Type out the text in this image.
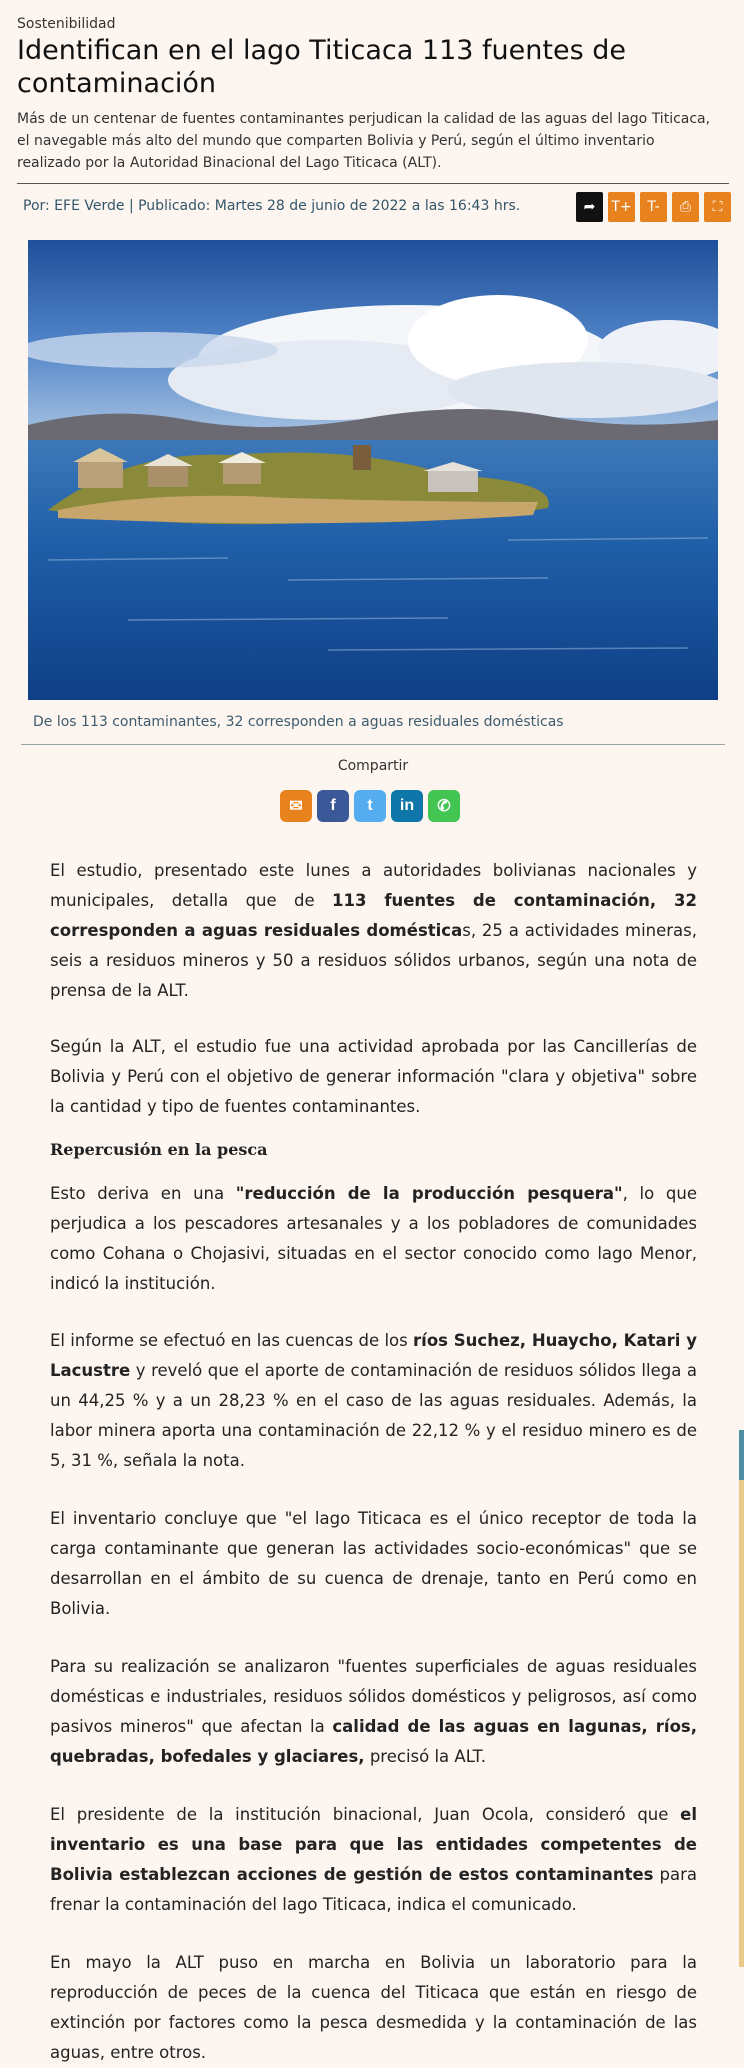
Sostenibilidad
Identifican en el lago Titicaca 113 fuentes de contaminación
Más de un centenar de fuentes contaminantes perjudican la calidad de las aguas del lago Titicaca, el navegable más alto del mundo que comparten Bolivia y Perú, según el último inventario realizado por la Autoridad Binacional del Lago Titicaca (ALT).
Por: EFE Verde | Publicado: Martes 28 de junio de 2022 a las 16:43 hrs.	➦	T+	T-	⎙	⛶
De los 113 contaminantes, 32 corresponden a aguas residuales domésticas
Compartir
✉	f	t	in	✆

El estudio, presentado este lunes a autoridades bolivianas nacionales y municipales, detalla que de 113 fuentes de contaminación, 32 corresponden a aguas residuales domésticas, 25 a actividades mineras, seis a residuos mineros y 50 a residuos sólidos urbanos, según una nota de prensa de la ALT.

Según la ALT, el estudio fue una actividad aprobada por las Cancillerías de Bolivia y Perú con el objetivo de generar información "clara y objetiva" sobre la cantidad y tipo de fuentes contaminantes.

Repercusión en la pesca

Esto deriva en una "reducción de la producción pesquera", lo que perjudica a los pescadores artesanales y a los pobladores de comunidades como Cohana o Chojasivi, situadas en el sector conocido como lago Menor, indicó la institución.

El informe se efectuó en las cuencas de los ríos Suchez, Huaycho, Katari y Lacustre y reveló que el aporte de contaminación de residuos sólidos llega a un 44,25 % y a un 28,23 % en el caso de las aguas residuales. Además, la labor minera aporta una contaminación de 22,12 % y el residuo minero es de 5, 31 %, señala la nota.

El inventario concluye que "el lago Titicaca es el único receptor de toda la carga contaminante que generan las actividades socio-económicas" que se desarrollan en el ámbito de su cuenca de drenaje, tanto en Perú como en Bolivia.

Para su realización se analizaron "fuentes superficiales de aguas residuales domésticas e industriales, residuos sólidos domésticos y peligrosos, así como pasivos mineros" que afectan la calidad de las aguas en lagunas, ríos, quebradas, bofedales y glaciares, precisó la ALT.

El presidente de la institución binacional, Juan Ocola, consideró que el inventario es una base para que las entidades competentes de Bolivia establezcan acciones de gestión de estos contaminantes para frenar la contaminación del lago Titicaca, indica el comunicado.

En mayo la ALT puso en marcha en Bolivia un laboratorio para la reproducción de peces de la cuenca del Titicaca que están en riesgo de extinción por factores como la pesca desmedida y la contaminación de las aguas, entre otros.
